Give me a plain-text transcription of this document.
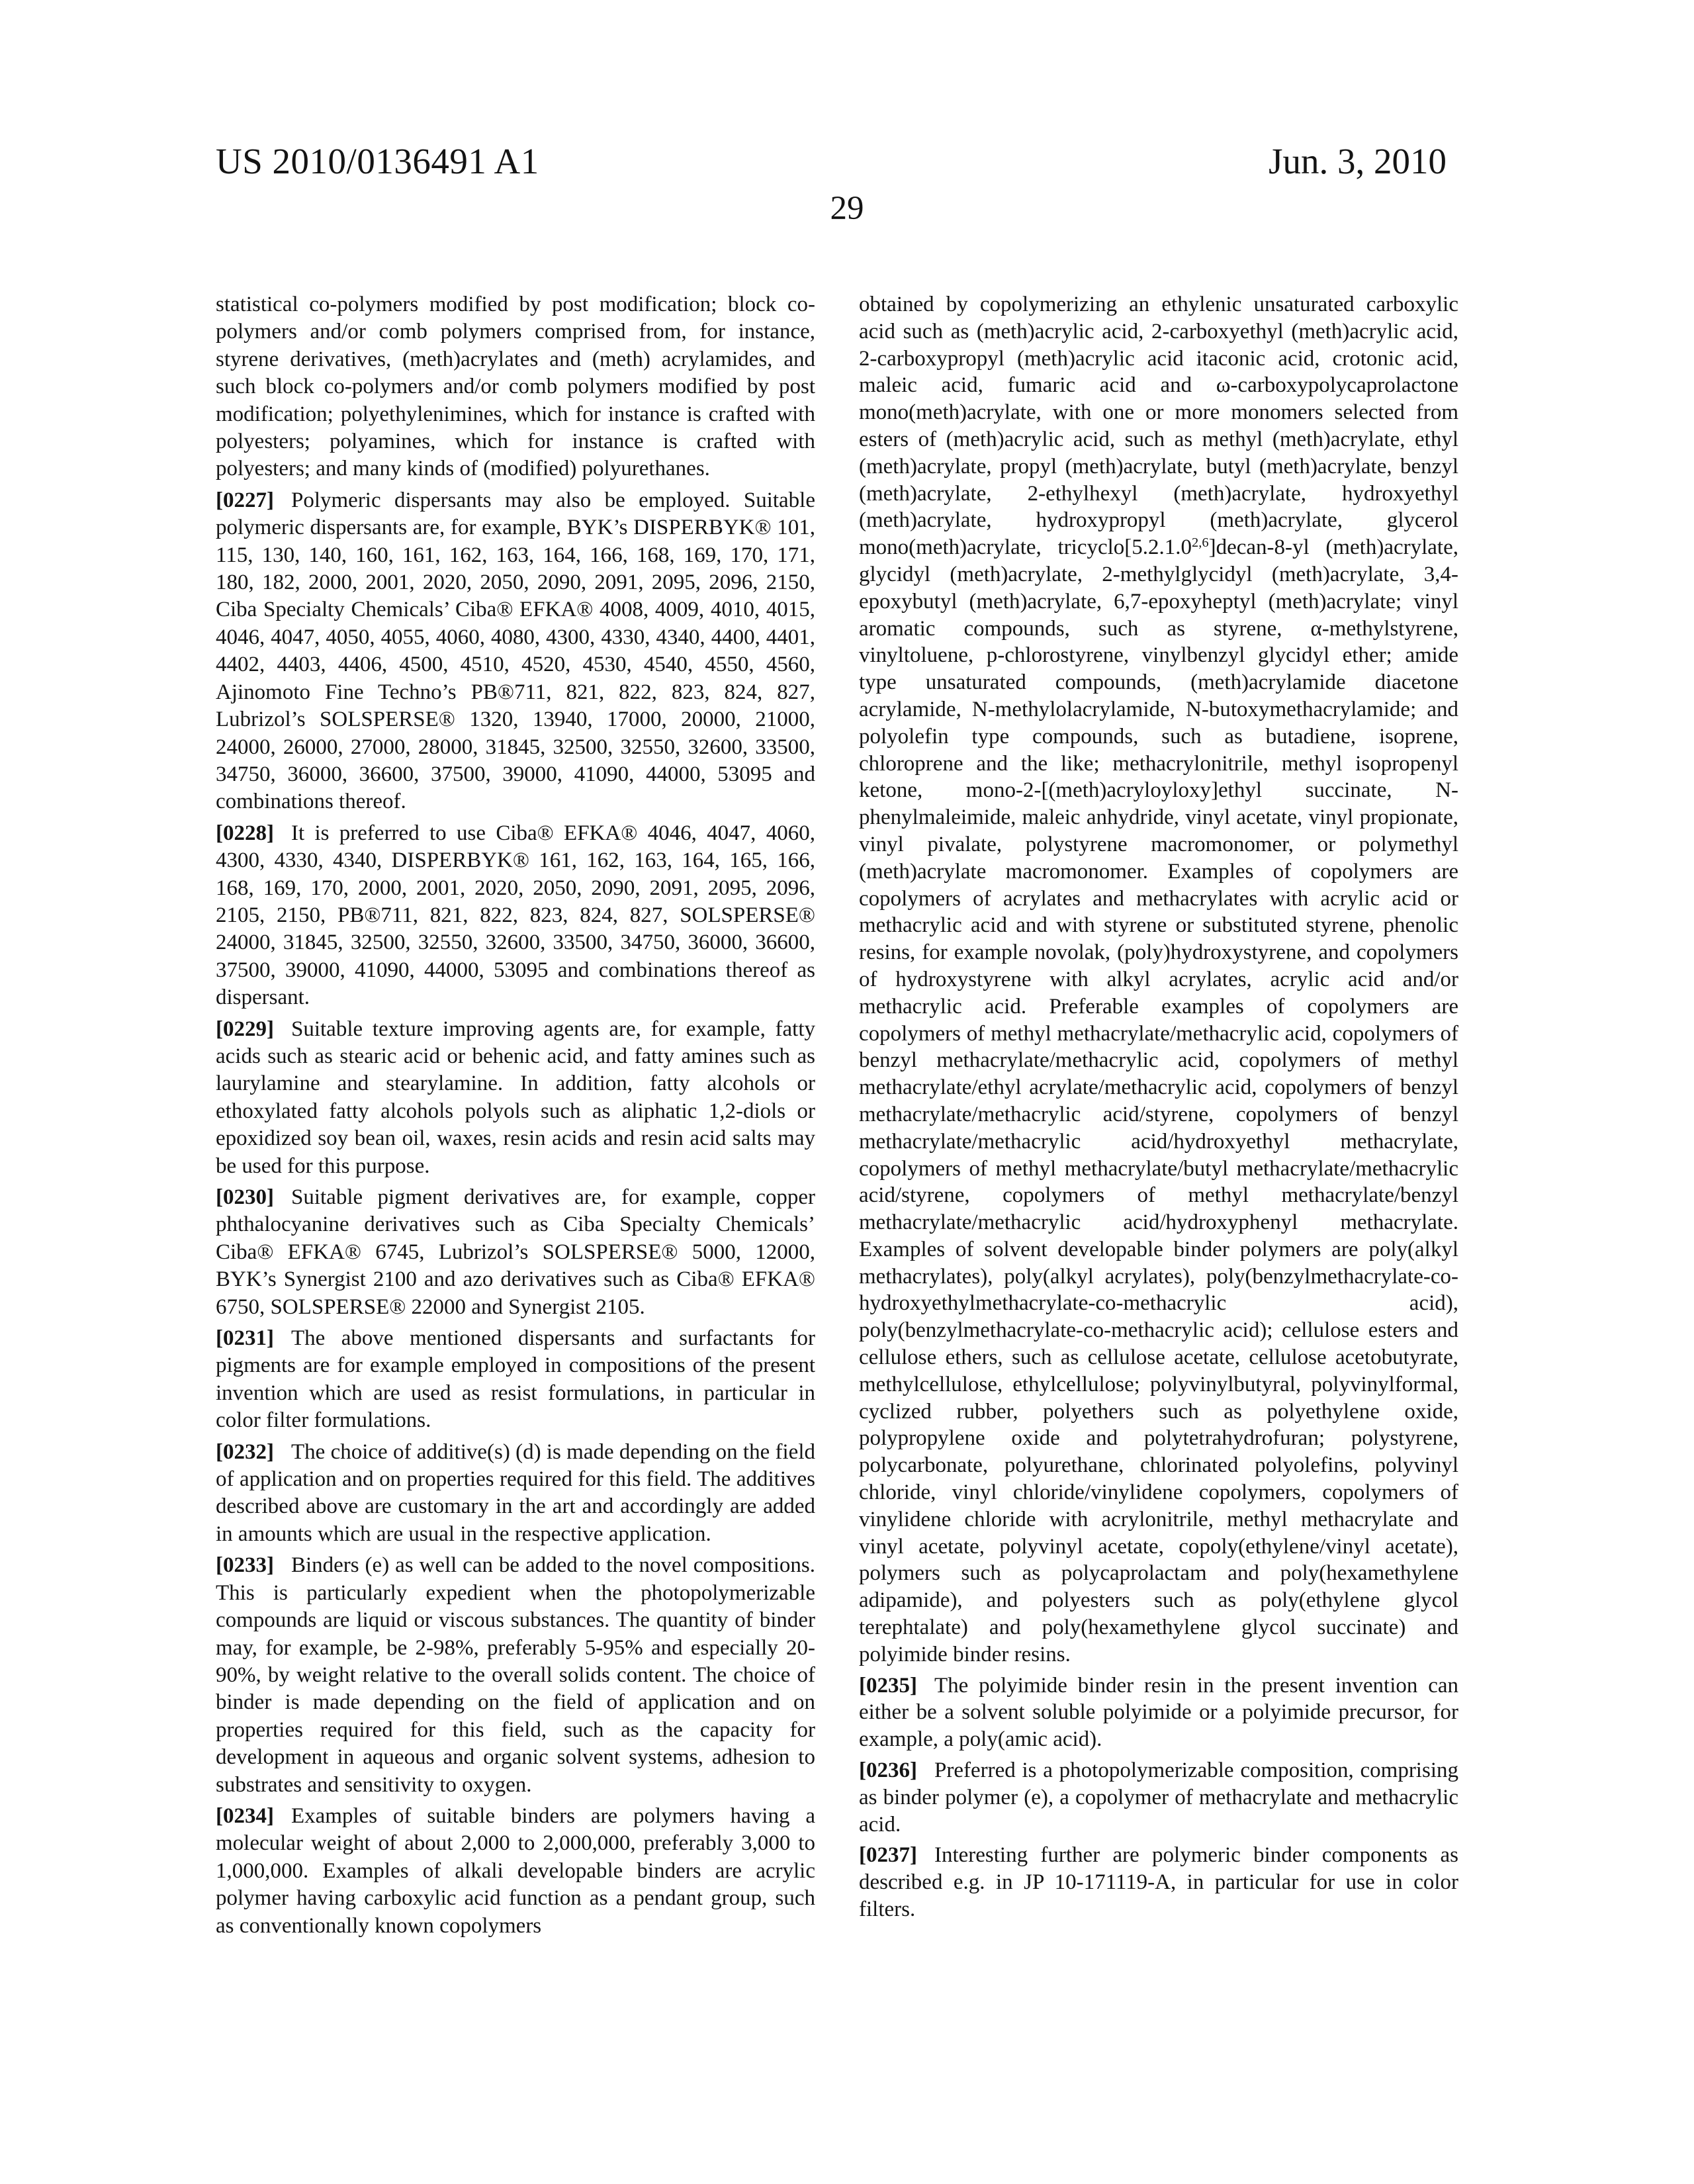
US 2010/0136491 A1	Jun. 3, 2010
29

statistical co-polymers modified by post modification; block co-polymers and/or comb polymers comprised from, for instance, styrene derivatives, (meth)acrylates and (meth) acrylamides, and such block co-polymers and/or comb polymers modified by post modification; polyethylenimines, which for instance is crafted with polyesters; polyamines, which for instance is crafted with polyesters; and many kinds of (modified) polyurethanes.

[0227] Polymeric dispersants may also be employed. Suitable polymeric dispersants are, for example, BYK’s DISPERBYK® 101, 115, 130, 140, 160, 161, 162, 163, 164, 166, 168, 169, 170, 171, 180, 182, 2000, 2001, 2020, 2050, 2090, 2091, 2095, 2096, 2150, Ciba Specialty Chemicals’ Ciba® EFKA® 4008, 4009, 4010, 4015, 4046, 4047, 4050, 4055, 4060, 4080, 4300, 4330, 4340, 4400, 4401, 4402, 4403, 4406, 4500, 4510, 4520, 4530, 4540, 4550, 4560, Ajinomoto Fine Techno’s PB®711, 821, 822, 823, 824, 827, Lubrizol’s SOLSPERSE® 1320, 13940, 17000, 20000, 21000, 24000, 26000, 27000, 28000, 31845, 32500, 32550, 32600, 33500, 34750, 36000, 36600, 37500, 39000, 41090, 44000, 53095 and combinations thereof.

[0228] It is preferred to use Ciba® EFKA® 4046, 4047, 4060, 4300, 4330, 4340, DISPERBYK® 161, 162, 163, 164, 165, 166, 168, 169, 170, 2000, 2001, 2020, 2050, 2090, 2091, 2095, 2096, 2105, 2150, PB®711, 821, 822, 823, 824, 827, SOLSPERSE® 24000, 31845, 32500, 32550, 32600, 33500, 34750, 36000, 36600, 37500, 39000, 41090, 44000, 53095 and combinations thereof as dispersant.

[0229] Suitable texture improving agents are, for example, fatty acids such as stearic acid or behenic acid, and fatty amines such as laurylamine and stearylamine. In addition, fatty alcohols or ethoxylated fatty alcohols polyols such as aliphatic 1,2-diols or epoxidized soy bean oil, waxes, resin acids and resin acid salts may be used for this purpose.

[0230] Suitable pigment derivatives are, for example, copper phthalocyanine derivatives such as Ciba Specialty Chemicals’ Ciba® EFKA® 6745, Lubrizol’s SOLSPERSE® 5000, 12000, BYK’s Synergist 2100 and azo derivatives such as Ciba® EFKA® 6750, SOLSPERSE® 22000 and Synergist 2105.

[0231] The above mentioned dispersants and surfactants for pigments are for example employed in compositions of the present invention which are used as resist formulations, in particular in color filter formulations.

[0232] The choice of additive(s) (d) is made depending on the field of application and on properties required for this field. The additives described above are customary in the art and accordingly are added in amounts which are usual in the respective application.

[0233] Binders (e) as well can be added to the novel compositions. This is particularly expedient when the photopolymerizable compounds are liquid or viscous substances. The quantity of binder may, for example, be 2-98%, preferably 5-95% and especially 20-90%, by weight relative to the overall solids content. The choice of binder is made depending on the field of application and on properties required for this field, such as the capacity for development in aqueous and organic solvent systems, adhesion to substrates and sensitivity to oxygen.

[0234] Examples of suitable binders are polymers having a molecular weight of about 2,000 to 2,000,000, preferably 3,000 to 1,000,000. Examples of alkali developable binders are acrylic polymer having carboxylic acid function as a pendant group, such as conventionally known copolymers

obtained by copolymerizing an ethylenic unsaturated carboxylic acid such as (meth)acrylic acid, 2-carboxyethyl (meth)acrylic acid, 2-carboxypropyl (meth)acrylic acid itaconic acid, crotonic acid, maleic acid, fumaric acid and ω-carboxypolycaprolactone mono(meth)acrylate, with one or more monomers selected from esters of (meth)acrylic acid, such as methyl (meth)acrylate, ethyl (meth)acrylate, propyl (meth)acrylate, butyl (meth)acrylate, benzyl (meth)acrylate, 2-ethylhexyl (meth)acrylate, hydroxyethyl (meth)acrylate, hydroxypropyl (meth)acrylate, glycerol mono(meth)acrylate, tricyclo[5.2.1.02,6]decan-8-yl (meth)acrylate, glycidyl (meth)acrylate, 2-methylglycidyl (meth)acrylate, 3,4-epoxybutyl (meth)acrylate, 6,7-epoxyheptyl (meth)acrylate; vinyl aromatic compounds, such as styrene, α-methylstyrene, vinyltoluene, p-chlorostyrene, vinylbenzyl glycidyl ether; amide type unsaturated compounds, (meth)acrylamide diacetone acrylamide, N-methylolacrylamide, N-butoxymethacrylamide; and polyolefin type compounds, such as butadiene, isoprene, chloroprene and the like; methacrylonitrile, methyl isopropenyl ketone, mono-2-[(meth)acryloyloxy]ethyl succinate, N-phenylmaleimide, maleic anhydride, vinyl acetate, vinyl propionate, vinyl pivalate, polystyrene macromonomer, or polymethyl (meth)acrylate macromonomer. Examples of copolymers are copolymers of acrylates and methacrylates with acrylic acid or methacrylic acid and with styrene or substituted styrene, phenolic resins, for example novolak, (poly)hydroxystyrene, and copolymers of hydroxystyrene with alkyl acrylates, acrylic acid and/or methacrylic acid. Preferable examples of copolymers are copolymers of methyl methacrylate/methacrylic acid, copolymers of benzyl methacrylate/methacrylic acid, copolymers of methyl methacrylate/ethyl acrylate/methacrylic acid, copolymers of benzyl methacrylate/methacrylic acid/styrene, copolymers of benzyl methacrylate/methacrylic acid/hydroxyethyl methacrylate, copolymers of methyl methacrylate/butyl methacrylate/methacrylic acid/styrene, copolymers of methyl methacrylate/benzyl methacrylate/methacrylic acid/hydroxyphenyl methacrylate. Examples of solvent developable binder polymers are poly(alkyl methacrylates), poly(alkyl acrylates), poly(benzylmethacrylate-co-hydroxyethylmethacrylate-co-methacrylic acid), poly(benzylmethacrylate-co-methacrylic acid); cellulose esters and cellulose ethers, such as cellulose acetate, cellulose acetobutyrate, methylcellulose, ethylcellulose; polyvinylbutyral, polyvinylformal, cyclized rubber, polyethers such as polyethylene oxide, polypropylene oxide and polytetrahydrofuran; polystyrene, polycarbonate, polyurethane, chlorinated polyolefins, polyvinyl chloride, vinyl chloride/vinylidene copolymers, copolymers of vinylidene chloride with acrylonitrile, methyl methacrylate and vinyl acetate, polyvinyl acetate, copoly(ethylene/vinyl acetate), polymers such as polycaprolactam and poly(hexamethylene adipamide), and polyesters such as poly(ethylene glycol terephtalate) and poly(hexamethylene glycol succinate) and polyimide binder resins.

[0235] The polyimide binder resin in the present invention can either be a solvent soluble polyimide or a polyimide precursor, for example, a poly(amic acid).

[0236] Preferred is a photopolymerizable composition, comprising as binder polymer (e), a copolymer of methacrylate and methacrylic acid.

[0237] Interesting further are polymeric binder components as described e.g. in JP 10-171119-A, in particular for use in color filters.
